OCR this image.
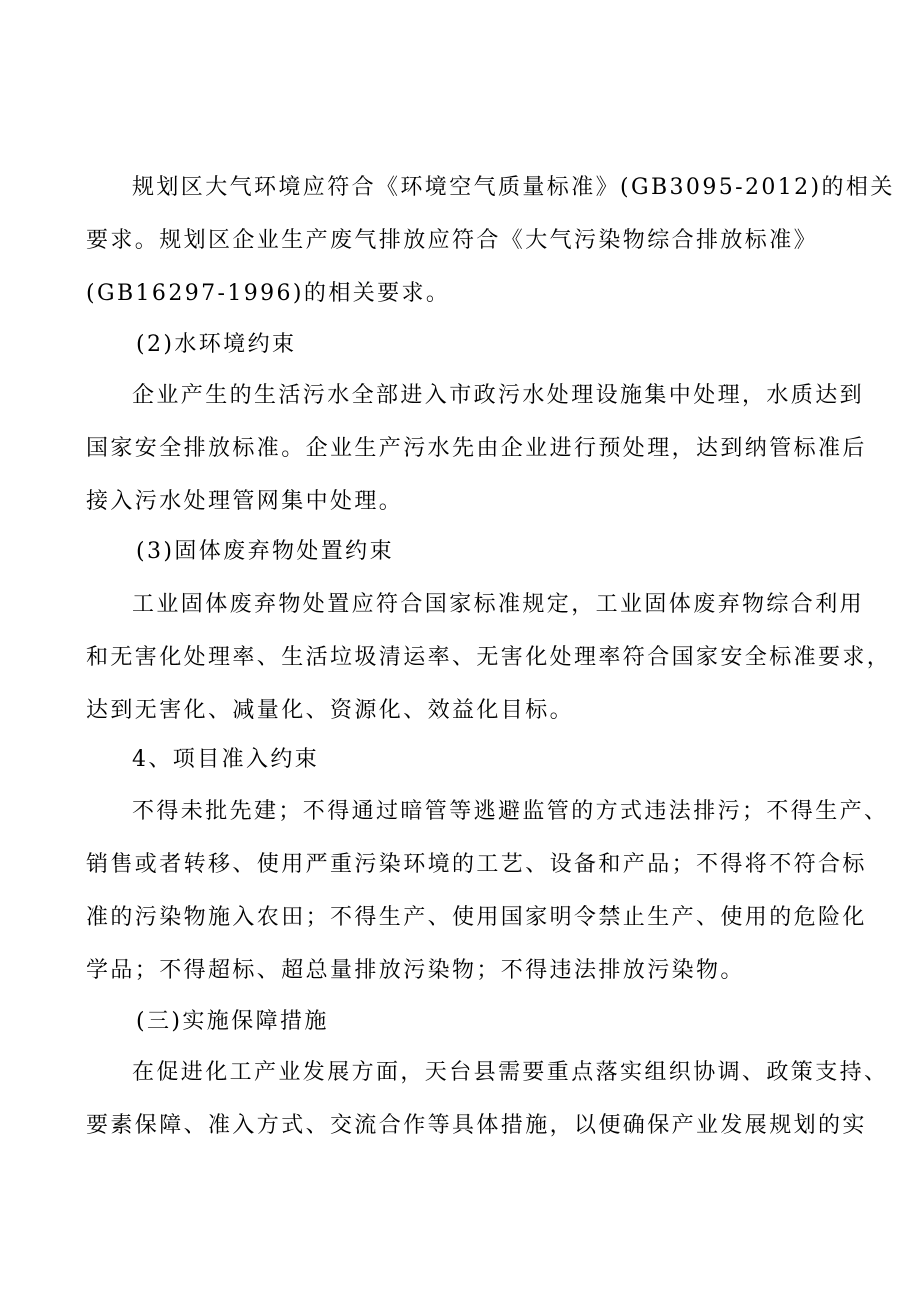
规划区大气环境应符合《环境空气质量标准》(GB3095-2012)的相关
要求。规划区企业生产废气排放应符合《大气污染物综合排放标准》
(GB16297-1996)的相关要求。
(2)水环境约束
企业产生的生活污水全部进入市政污水处理设施集中处理，水质达到
国家安全排放标准。企业生产污水先由企业进行预处理，达到纳管标准后
接入污水处理管网集中处理。
(3)固体废弃物处置约束
工业固体废弃物处置应符合国家标准规定，工业固体废弃物综合利用
和无害化处理率、生活垃圾清运率、无害化处理率符合国家安全标准要求，
达到无害化、减量化、资源化、效益化目标。
4、项目准入约束
不得未批先建；不得通过暗管等逃避监管的方式违法排污；不得生产、
销售或者转移、使用严重污染环境的工艺、设备和产品；不得将不符合标
准的污染物施入农田；不得生产、使用国家明令禁止生产、使用的危险化
学品；不得超标、超总量排放污染物；不得违法排放污染物。
(三)实施保障措施
在促进化工产业发展方面，天台县需要重点落实组织协调、政策支持、
要素保障、准入方式、交流合作等具体措施，以便确保产业发展规划的实
